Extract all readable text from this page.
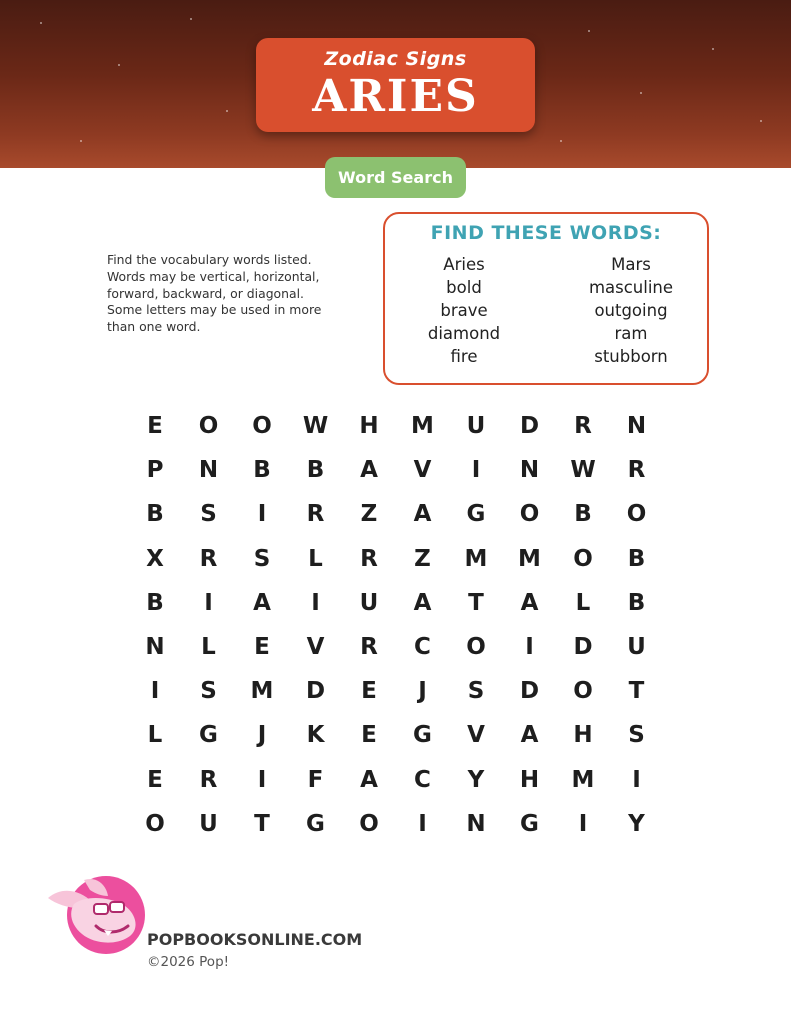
Zodiac Signs
ARIES
Word Search
Find the vocabulary words listed. Words may be vertical, horizontal, forward, backward, or diagonal. Some letters may be used in more than one word.
FIND THESE WORDS:
Aries
bold
brave
diamond
fire
Mars
masculine
outgoing
ram
stubborn
E	O	O	W	H	M	U	D	R	N
P	N	B	B	A	V	I	N	W	R
B	S	I	R	Z	A	G	O	B	O
X	R	S	L	R	Z	M	M	O	B
B	I	A	I	U	A	T	A	L	B
N	L	E	V	R	C	O	I	D	U
I	S	M	D	E	J	S	D	O	T
L	G	J	K	E	G	V	A	H	S
E	R	I	F	A	C	Y	H	M	I
O	U	T	G	O	I	N	G	I	Y
POPBOOKSONLINE.COM
©2026 Pop!
